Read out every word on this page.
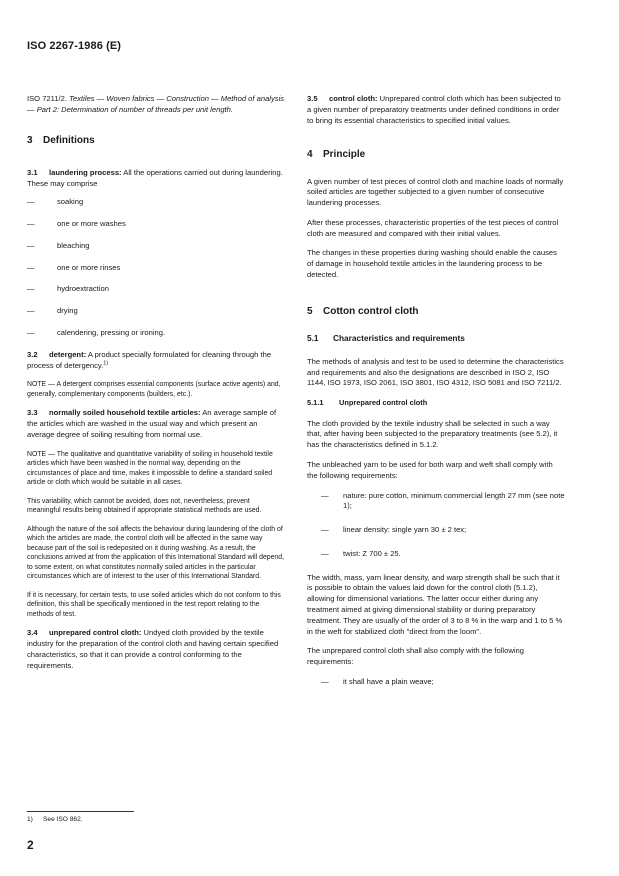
ISO 2267-1986 (E)

ISO 7211/2. Textiles — Woven fabrics — Construction — Method of analysis — Part 2: Determination of number of threads per unit length.

3 Definitions

3.1 laundering process: All the operations carried out during laundering. These may comprise

— soaking
— one or more washes
— bleaching
— one or more rinses
— hydroextraction
— drying
— calendering, pressing or ironing.

3.2 detergent: A product specially formulated for cleaning through the process of detergency.$^{1)}$

NOTE — A detergent comprises essential components (surface active agents) and, generally, complementary components (builders, etc.).

3.3 normally soiled household textile articles: An average sample of the articles which are washed in the usual way and which present an average degree of soiling resulting from normal use.

NOTE — The qualitative and quantitative variability of soiling in household textile articles which have been washed in the normal way, depending on the circumstances of place and time, makes it impossible to define a standard soiled article or cloth which would be suitable in all cases.

This variability, which cannot be avoided, does not, nevertheless, prevent meaningful results being obtained if appropriate statistical methods are used.

Although the nature of the soil affects the behaviour during laundering of the cloth of which the articles are made, the control cloth will be affected in the same way because part of the soil is redeposited on it during washing. As a result, the conclusions arrived at from the application of this International Standard will depend, to some extent, on what constitutes normally soiled articles in the particular circumstances which are of interest to the user of this International Standard.

If it is necessary, for certain tests, to use soiled articles which do not conform to this definition, this shall be specifically mentioned in the test report relating to the methods of test.

3.4 unprepared control cloth: Undyed cloth provided by the textile industry for the preparation of the control cloth and having certain specified characteristics, so that it can provide a control conforming to the requirements.

3.5 control cloth: Unprepared control cloth which has been subjected to a given number of preparatory treatments under defined conditions in order to bring its essential characteristics to specified initial values.

4 Principle

A given number of test pieces of control cloth and machine loads of normally soiled articles are together subjected to a given number of consecutive laundering processes.

After these processes, characteristic properties of the test pieces of control cloth are measured and compared with their initial values.

The changes in these properties during washing should enable the causes of damage in household textile articles in the laundering process to be detected.

5 Cotton control cloth
5.1 Characteristics and requirements

The methods of analysis and test to be used to determine the characteristics and requirements and also the designations are described in ISO 2, ISO 1144, ISO 1973, ISO 2061, ISO 3801, ISO 4312, ISO 5081 and ISO 7211/2.

5.1.1 Unprepared control cloth

The cloth provided by the textile industry shall be selected in such a way that, after having been subjected to the preparatory treatments (see 5.2), it has the characteristics defined in 5.1.2.

The unbleached yarn to be used for both warp and weft shall comply with the following requirements:

— nature: pure cotton, minimum commercial length 27 mm (see note 1);
— linear density: single yarn 30 ± 2 tex;
— twist: Z 700 ± 25.

The width, mass, yarn linear density, and warp strength shall be such that it is possible to obtain the values laid down for the control cloth (5.1.2), allowing for dimensional variations. The latter occur either during any treatment aimed at giving dimensional stability or during preparatory treatment. They are usually of the order of 3 to 8 % in the warp and 1 to 5 % in the weft for stabilized cloth "direct from the loom".

The unprepared control cloth shall also comply with the following requirements:

— it shall have a plain weave;
1) See ISO 862.
2
